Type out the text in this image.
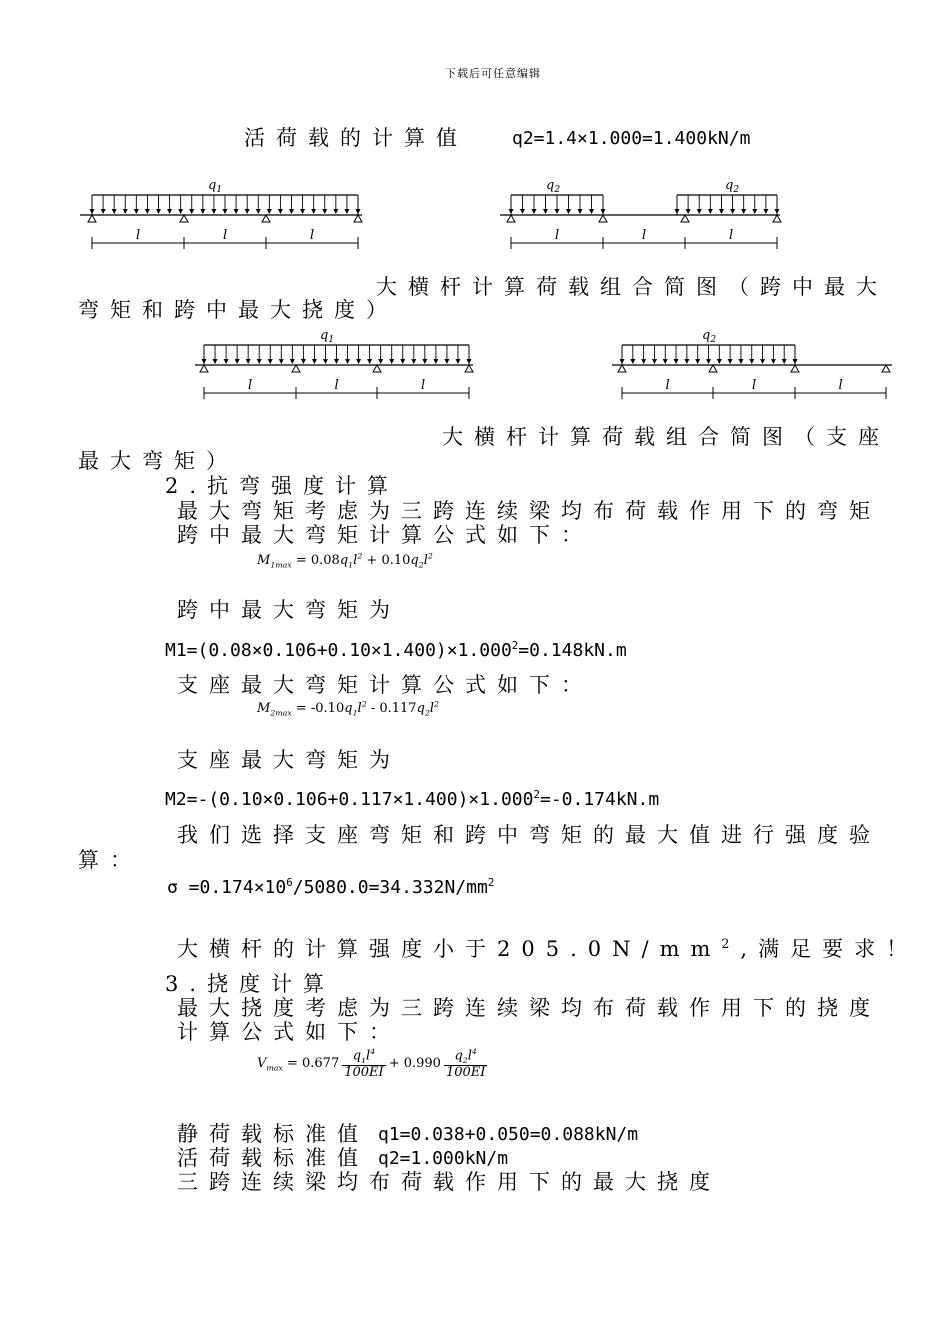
下载后可任意编辑
活荷载的计算值 q2=1.4×1.000=1.400kN/m
$q_1$
l	l	l
$q_2$	$q_2$
l	l	l
大横杆计算荷载组合简图（跨中最大
弯矩和跨中最大挠度）
$q_1$
l	l	l
$q_2$
l	l	l
大横杆计算荷载组合简图（支座
最大弯矩）
2.抗弯强度计算
最大弯矩考虑为三跨连续梁均布荷载作用下的弯矩
跨中最大弯矩计算公式如下：
$M_{1max} = 0.08q_1l^2 + 0.10q_2l^2$
跨中最大弯矩为
$M1=(0.08\times 0.106+0.10\times 1.400)\times 1.000^2=0.148kN.m$
支座最大弯矩计算公式如下：
$M_{2max} = -0.10q_1l^2 - 0.117q_2l^2$
支座最大弯矩为
$M2=-(0.10\times 0.106+0.117\times 1.400)\times 1.000^2=-0.174kN.m$
我们选择支座弯矩和跨中弯矩的最大值进行强度验
算：
$\sigma =0.174\times 10^6/5080.0=34.332N/mm^2$
大横杆的计算强度小于$205.0N/mm^2$,满足要求！
3.挠度计算
最大挠度考虑为三跨连续梁均布荷载作用下的挠度
计算公式如下：
$V_{max} = 0.677 \frac{q_1l^4}{100EI} + 0.990 \frac{q_2l^4}{100EI}$
静荷载标准值 q1=0.038+0.050=0.088kN/m
活荷载标准值 q2=1.000kN/m
三跨连续梁均布荷载作用下的最大挠度
